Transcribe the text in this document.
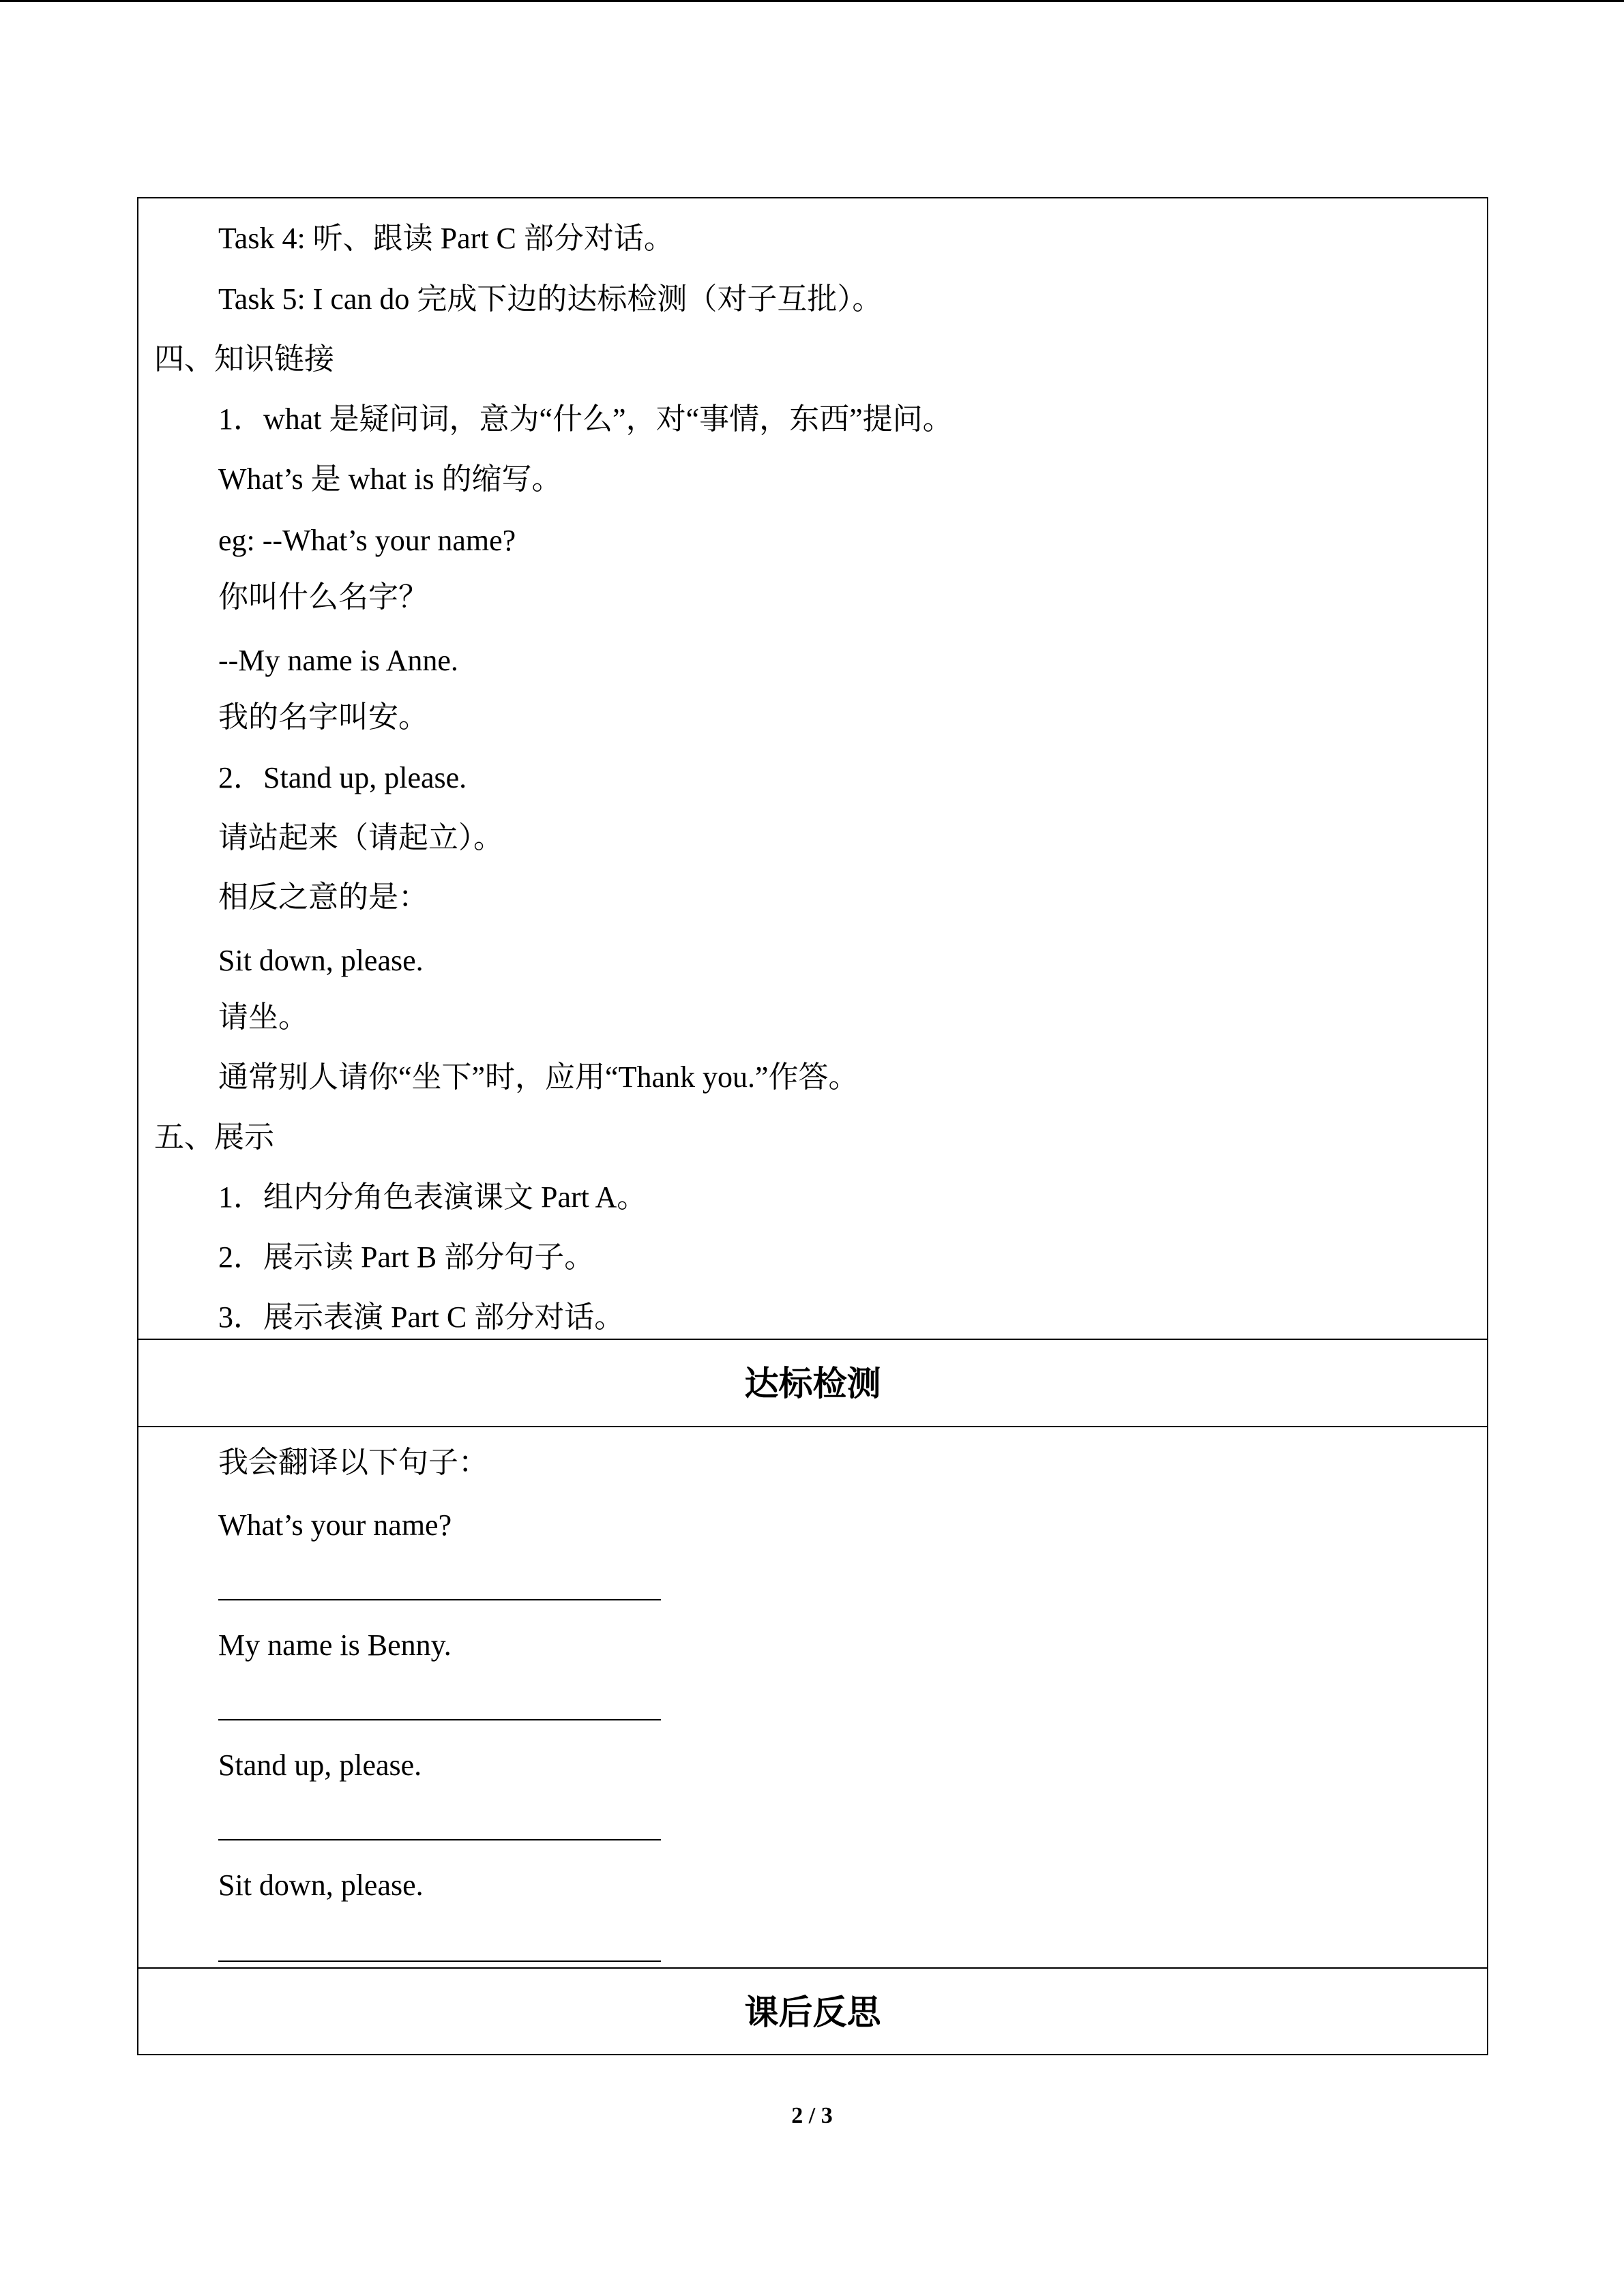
Task 4: 听、跟读 Part C 部分对话。
Task 5: I can do 完成下边的达标检测（对子互批）。
四、知识链接
1．what 是疑问词，意为“什么”，对“事情，东西”提问。
What’s 是 what is 的缩写。
eg: --What’s your name?
你叫什么名字？
--My name is Anne.
我的名字叫安。
2．Stand up, please.
请站起来（请起立）。
相反之意的是：
Sit down, please.
请坐。
通常别人请你“坐下”时，应用“Thank you.”作答。
五、展示
1．组内分角色表演课文 Part A。
2．展示读 Part B 部分句子。
3．展示表演 Part C 部分对话。
达标检测
我会翻译以下句子：
What’s your name?
My name is Benny.
Stand up, please.
Sit down, please.
课后反思
2 / 3
